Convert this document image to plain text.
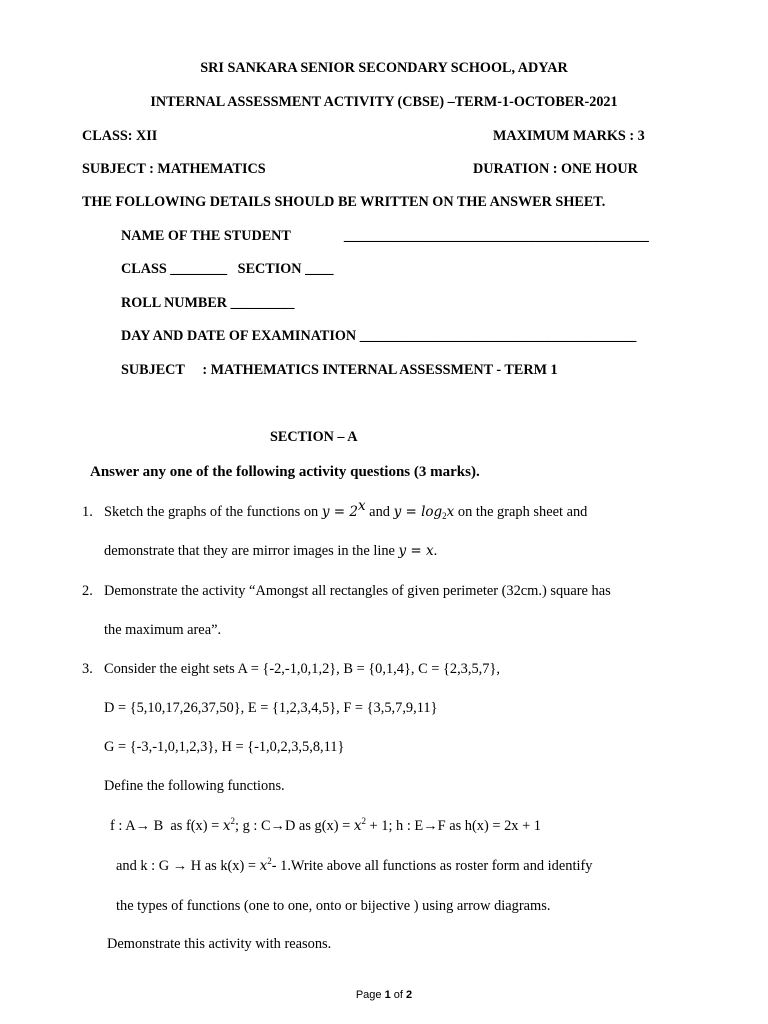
SRI SANKARA SENIOR SECONDARY SCHOOL, ADYAR
INTERNAL ASSESSMENT ACTIVITY (CBSE) –TERM-1-OCTOBER-2021
CLASS: XII	MAXIMUM MARKS : 3
SUBJECT : MATHEMATICS	DURATION : ONE HOUR
THE FOLLOWING DETAILS SHOULD BE WRITTEN ON THE ANSWER SHEET.
NAME OF THE STUDENT               ___________________________________________
CLASS ________   SECTION ____
ROLL NUMBER _________
DAY AND DATE OF EXAMINATION _______________________________________
SUBJECT     : MATHEMATICS INTERNAL ASSESSMENT - TERM 1
SECTION – A
Answer any one of the following activity questions (3 marks).
1. Sketch the graphs of the functions on $y = 2^x$ and $y = \log_2x$ on the graph sheet and
demonstrate that they are mirror images in the line y = x.
2. Demonstrate the activity “Amongst all rectangles of given perimeter (32cm.) square has
the maximum area”.
3. Consider the eight sets A = {-2,-1,0,1,2}, B = {0,1,4}, C = {2,3,5,7},
D = {5,10,17,26,37,50}, E = {1,2,3,4,5}, F = {3,5,7,9,11}
G = {-3,-1,0,1,2,3}, H = {-1,0,2,3,5,8,11}
Define the following functions.
f : A→ B  as $f(x) = x^2$; g : C→D as $g(x) = x^2 + 1$; h : E→F as h(x) = 2x + 1
and k : G → H as $k(x) = x^2-$ 1.Write above all functions as roster form and identify
the types of functions (one to one, onto or bijective ) using arrow diagrams.
Demonstrate this activity with reasons.
Page 1 of 2
